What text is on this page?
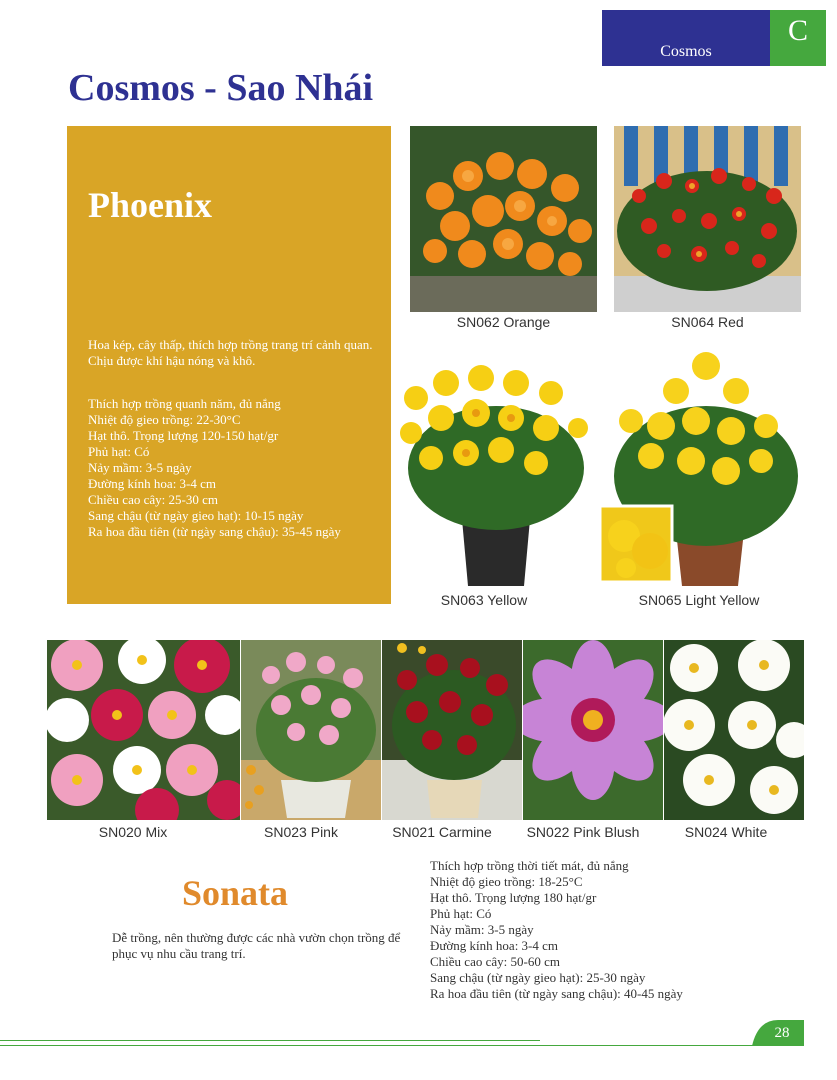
Cosmos
C
Cosmos - Sao Nhái
Phoenix
Hoa kép, cây thấp, thích hợp trồng trang trí cảnh quan. Chịu được khí hậu nóng và khô.
Thích hợp trồng quanh năm, đủ nắng
Nhiệt độ gieo trồng: 22-30°C
Hạt thô. Trọng lượng 120-150 hạt/gr
Phủ hạt: Có
Nảy mầm: 3-5 ngày
Đường kính hoa: 3-4 cm
Chiều cao cây: 25-30 cm
Sang chậu (từ ngày gieo hạt): 10-15 ngày
Ra hoa đầu tiên (từ ngày sang chậu): 35-45 ngày
SN062 Orange	SN064 Red
SN063 Yellow	SN065 Light Yellow
SN020 Mix	SN023 Pink	SN021 Carmine	SN022 Pink Blush	SN024 White
Sonata
Dễ trồng, nên thường được các nhà vườn chọn trồng để phục vụ nhu cầu trang trí.
Thích hợp trồng thời tiết mát, đủ nắng
Nhiệt độ gieo trồng: 18-25°C
Hạt thô. Trọng lượng 180 hạt/gr
Phủ hạt: Có
Nảy mầm: 3-5 ngày
Đường kính hoa: 3-4 cm
Chiều cao cây: 50-60 cm
Sang chậu (từ ngày gieo hạt): 25-30 ngày
Ra hoa đầu tiên (từ ngày sang chậu): 40-45 ngày
28
